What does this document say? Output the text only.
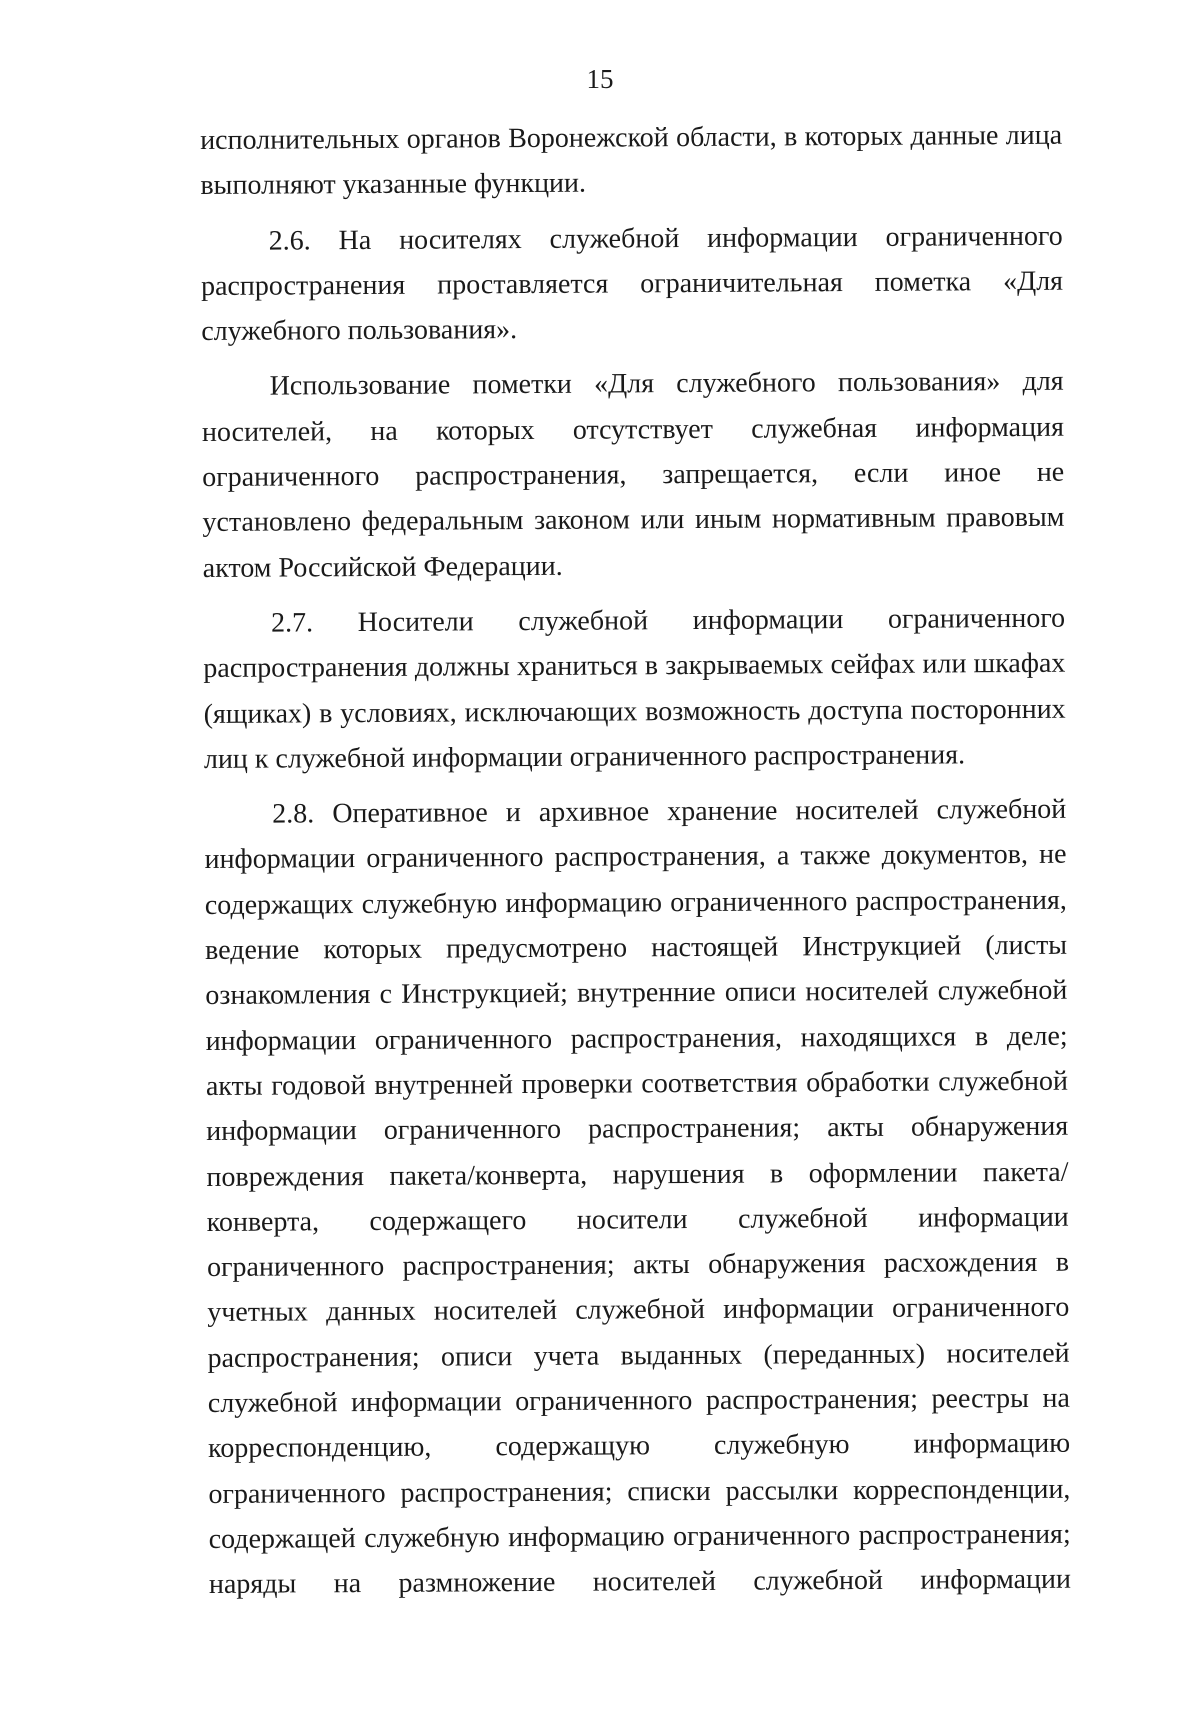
15

исполнительных органов Воронежской области, в которых данные лица выполняют указанные функции.

2.6. На носителях служебной информации ограниченного распространения проставляется ограничительная пометка «Для служебного пользования».

Использование пометки «Для служебного пользования» для носителей, на которых отсутствует служебная информация ограниченного распространения, запрещается, если иное не установлено федеральным законом или иным нормативным правовым актом Российской Федерации.

2.7. Носители служебной информации ограниченного распространения должны храниться в закрываемых сейфах или шкафах (ящиках) в условиях, исключающих возможность доступа посторонних лиц к служебной информации ограниченного распространения.

2.8. Оперативное и архивное хранение носителей служебной информации ограниченного распространения, а также документов, не содержащих служебную информацию ограниченного распространения, ведение которых предусмотрено настоящей Инструкцией (листы ознакомления с Инструкцией; внутренние описи носителей служебной информации ограниченного распространения, находящихся в деле; акты годовой внутренней проверки соответствия обработки служебной информации ограниченного распространения; акты обнаружения повреждения пакета/конверта, нарушения в оформлении пакета/конверта, содержащего носители служебной информации ограниченного распространения; акты обнаружения расхождения в учетных данных носителей служебной информации ограниченного распространения; описи учета выданных (переданных) носителей служебной информации ограниченного распространения; реестры на корреспонденцию, содержащую служебную информацию ограниченного распространения; списки рассылки корреспонденции, содержащей служебную информацию ограниченного распространения; наряды на размножение носителей служебной информации
